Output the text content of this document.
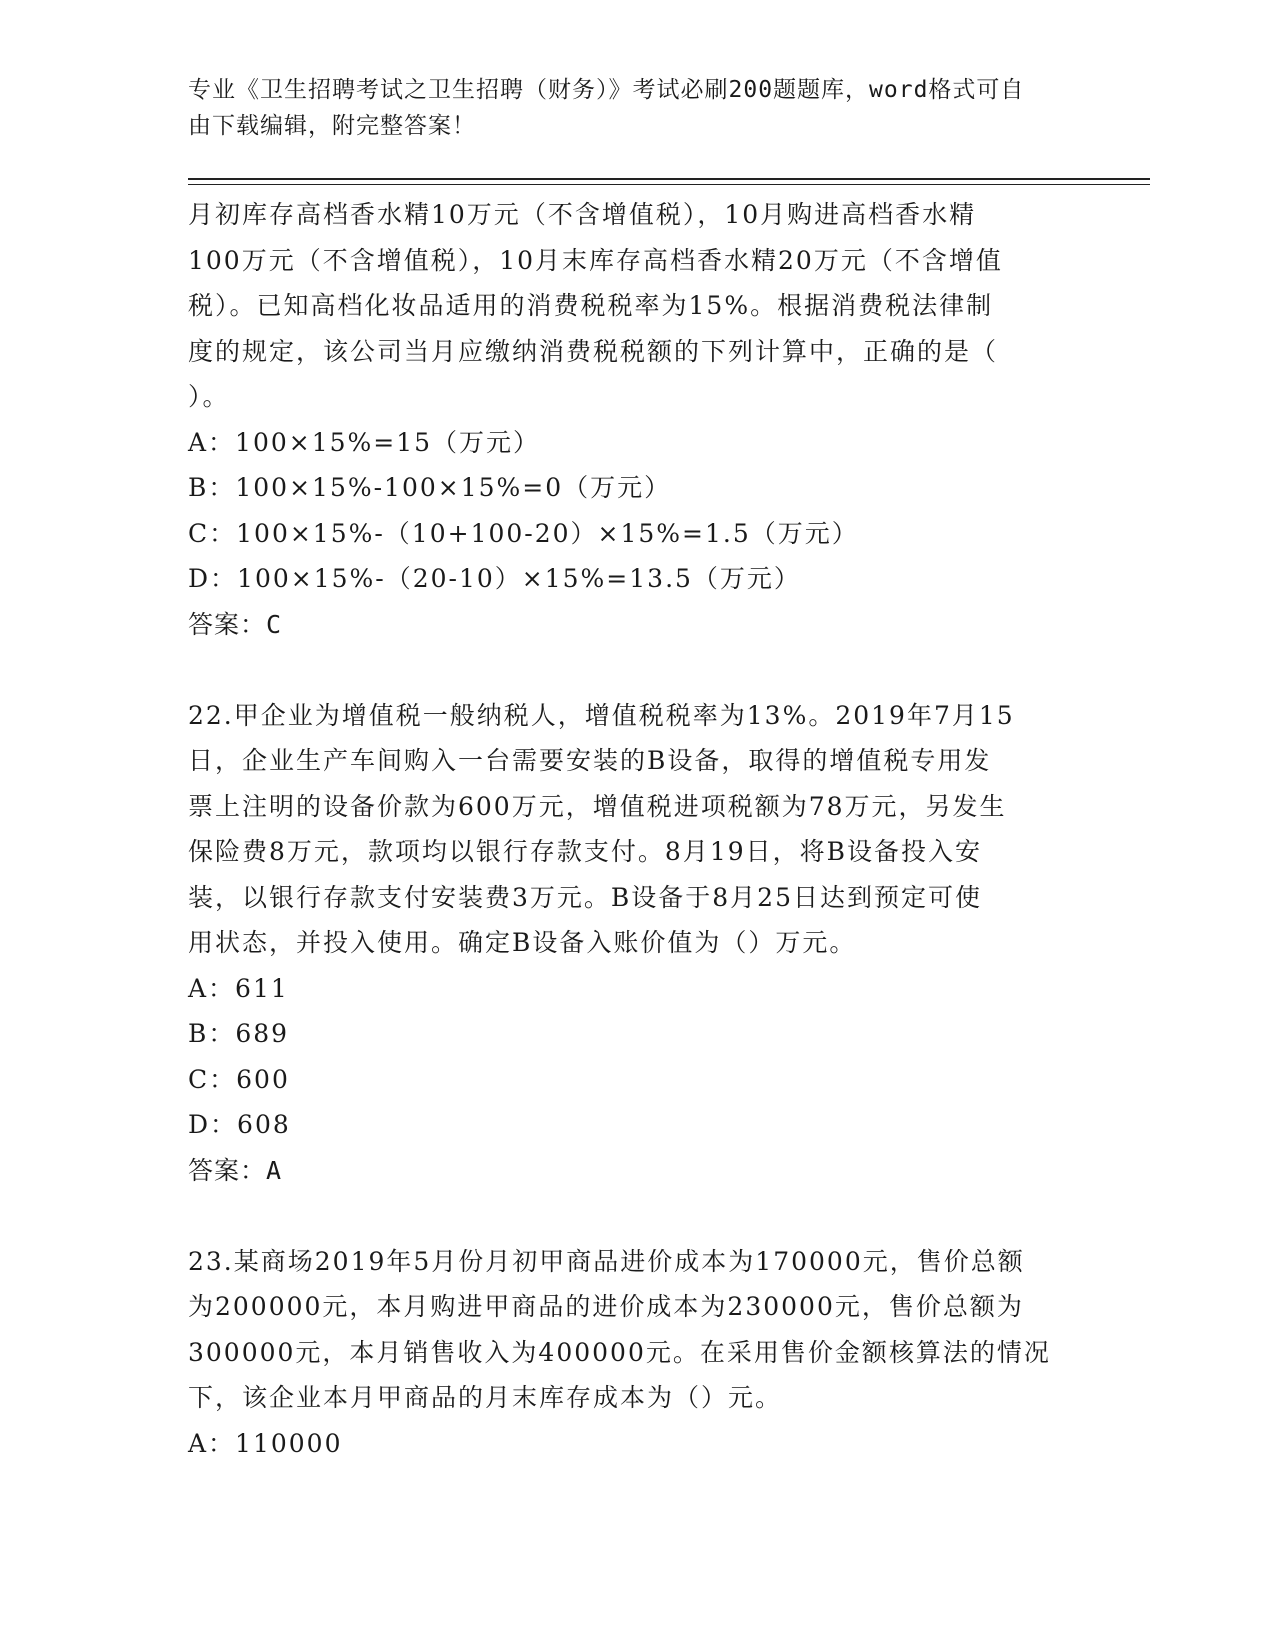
专业《卫生招聘考试之卫生招聘（财务）》考试必刷200题题库，word格式可自
由下载编辑，附完整答案！

月初库存高档香水精10万元（不含增值税），10月购进高档香水精

100万元（不含增值税），10月末库存高档香水精20万元（不含增值

税）。已知高档化妆品适用的消费税税率为15%。根据消费税法律制

度的规定，该公司当月应缴纳消费税税额的下列计算中，正确的是（

）。

A：100×15%=15（万元）

B：100×15%-100×15%=0（万元）

C：100×15%-（10+100-20）×15%=1.5（万元）

D：100×15%-（20-10）×15%=13.5（万元）

答案：C

22.甲企业为增值税一般纳税人，增值税税率为13%。2019年7月15

日，企业生产车间购入一台需要安装的B设备，取得的增值税专用发

票上注明的设备价款为600万元，增值税进项税额为78万元，另发生

保险费8万元，款项均以银行存款支付。8月19日，将B设备投入安

装，以银行存款支付安装费3万元。B设备于8月25日达到预定可使

用状态，并投入使用。确定B设备入账价值为（）万元。

A：611

B：689

C：600

D：608

答案：A

23.某商场2019年5月份月初甲商品进价成本为170000元，售价总额

为200000元，本月购进甲商品的进价成本为230000元，售价总额为

300000元，本月销售收入为400000元。在采用售价金额核算法的情况

下，该企业本月甲商品的月末库存成本为（）元。

A：110000
